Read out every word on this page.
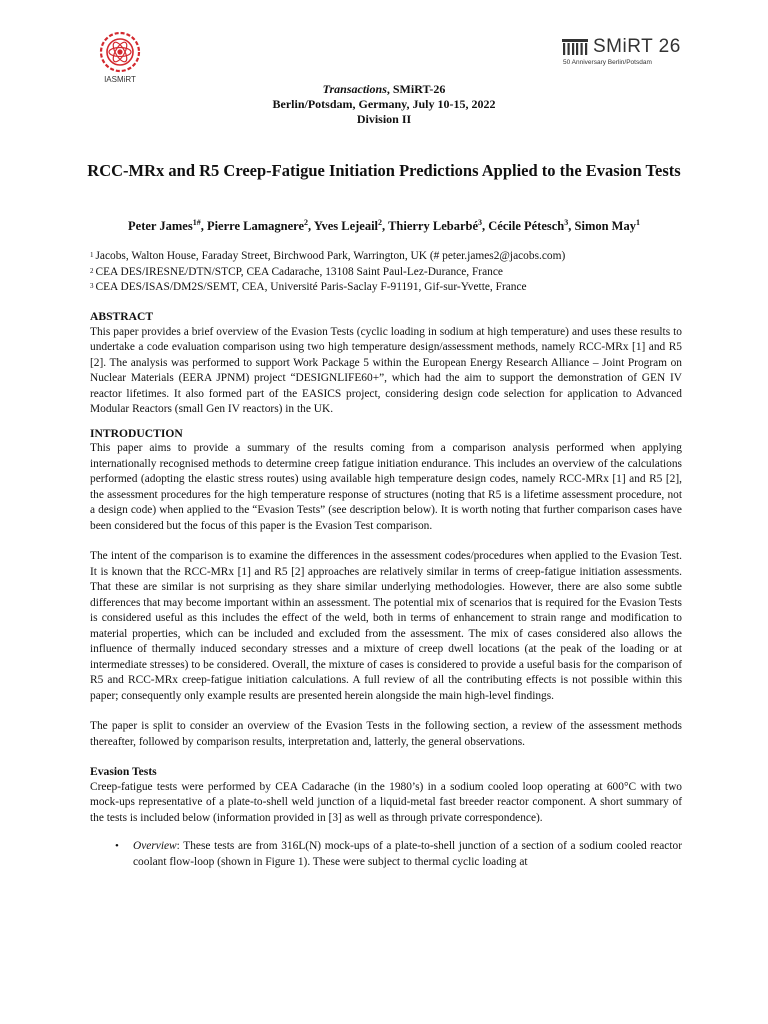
IASMiRT
SMiRT 26
50 Anniversary Berlin/Potsdam
Transactions, SMiRT-26
Berlin/Potsdam, Germany, July 10-15, 2022
Division II
RCC-MRx and R5 Creep-Fatigue Initiation Predictions Applied to the Evasion Tests
Peter James$^{1\#}$, Pierre Lamagnere$^2$, Yves Lejeail$^2$, Thierry Lebarbé$^3$, Cécile Pétesch$^3$, Simon May$^1$
$^1$ Jacobs, Walton House, Faraday Street, Birchwood Park, Warrington, UK (# peter.james2@jacobs.com)
$^2$ CEA DES/IRESNE/DTN/STCP, CEA Cadarache, 13108 Saint Paul-Lez-Durance, France
$^3$ CEA DES/ISAS/DM2S/SEMT, CEA, Université Paris-Saclay F-91191, Gif-sur-Yvette, France
ABSTRACT

This paper provides a brief overview of the Evasion Tests (cyclic loading in sodium at high temperature) and uses these results to undertake a code evaluation comparison using two high temperature design/assessment methods, namely RCC-MRx [1] and R5 [2]. The analysis was performed to support Work Package 5 within the European Energy Research Alliance – Joint Program on Nuclear Materials (EERA JPNM) project “DESIGNLIFE60+”, which had the aim to support the demonstration of GEN IV reactor lifetimes. It also formed part of the EASICS project, considering design code selection for application to Advanced Modular Reactors (small Gen IV reactors) in the UK.

INTRODUCTION

This paper aims to provide a summary of the results coming from a comparison analysis performed when applying internationally recognised methods to determine creep fatigue initiation endurance. This includes an overview of the calculations performed (adopting the elastic stress routes) using available high temperature design codes, namely RCC-MRx [1] and R5 [2], the assessment procedures for the high temperature response of structures (noting that R5 is a lifetime assessment procedure, not a design code) when applied to the “Evasion Tests” (see description below). It is worth noting that further comparison cases have been considered but the focus of this paper is the Evasion Test comparison.

The intent of the comparison is to examine the differences in the assessment codes/procedures when applied to the Evasion Test. It is known that the RCC-MRx [1] and R5 [2] approaches are relatively similar in terms of creep-fatigue initiation assessments. That these are similar is not surprising as they share similar underlying methodologies. However, there are also some subtle differences that may become important within an assessment. The potential mix of scenarios that is required for the Evasion Tests is considered useful as this includes the effect of the weld, both in terms of enhancement to strain range and modification to material properties, which can be included and excluded from the assessment. The mix of cases considered also allows the influence of thermally induced secondary stresses and a mixture of creep dwell locations (at the peak of the loading or at intermediate stresses) to be considered. Overall, the mixture of cases is considered to provide a useful basis for the comparison of R5 and RCC-MRx creep-fatigue initiation calculations. A full review of all the contributing effects is not possible within this paper; consequently only example results are presented herein alongside the main high-level findings.

The paper is split to consider an overview of the Evasion Tests in the following section, a review of the assessment methods thereafter, followed by comparison results, interpretation and, latterly, the general observations.

Evasion Tests

Creep-fatigue tests were performed by CEA Cadarache (in the 1980’s) in a sodium cooled loop operating at 600°C with two mock-ups representative of a plate-to-shell weld junction of a liquid-metal fast breeder reactor component. A short summary of the tests is included below (information provided in [3] as well as through private correspondence).

•	Overview: These tests are from 316L(N) mock-ups of a plate-to-shell junction of a section of a sodium cooled reactor coolant flow-loop (shown in Figure 1). These were subject to thermal cyclic loading at
